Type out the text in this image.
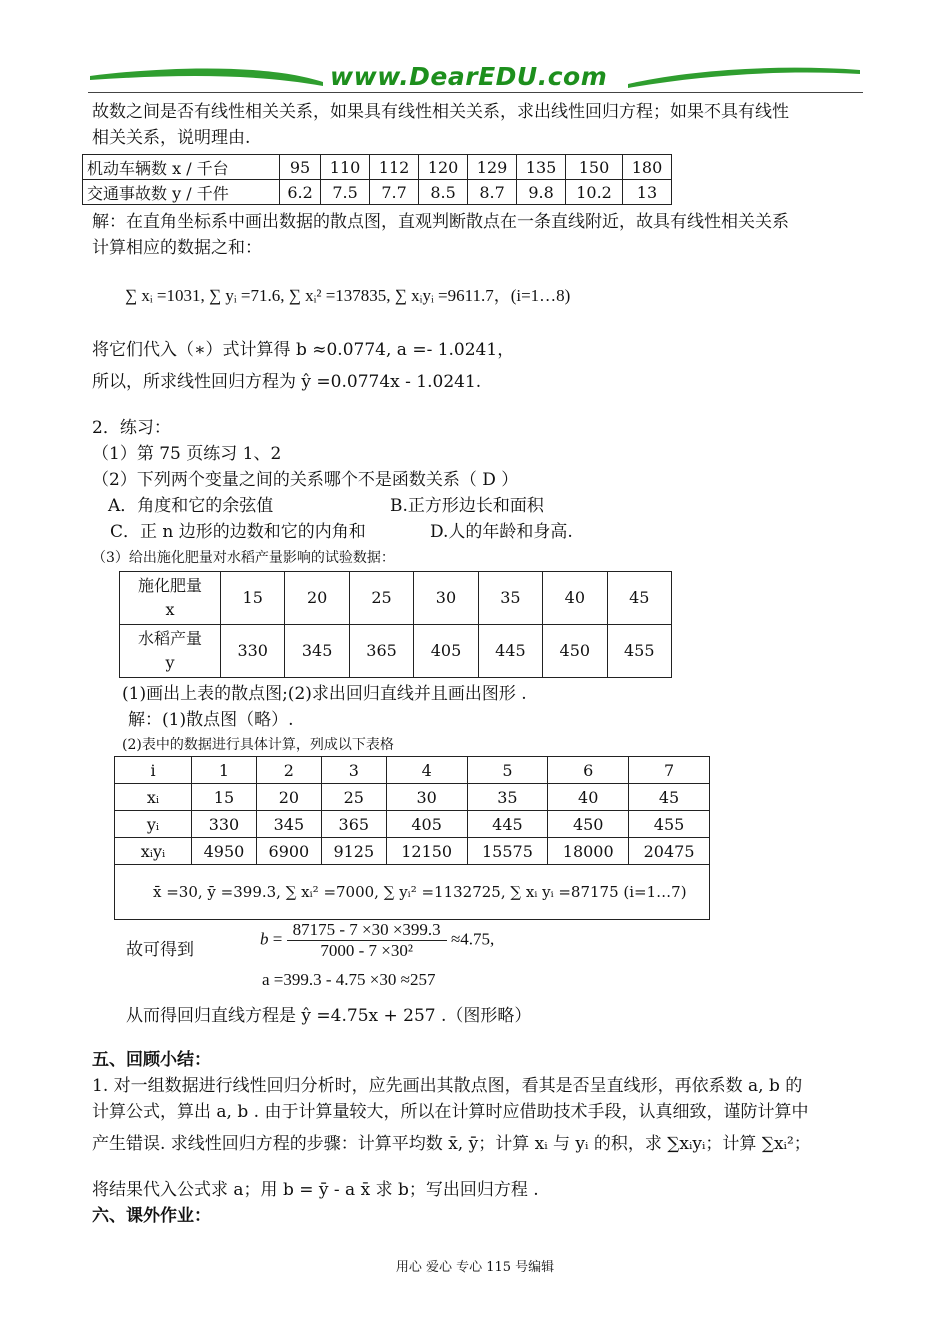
www.DearEDU.com
故数之间是否有线性相关关系，如果具有线性相关关系，求出线性回归方程；如果不具有线性
相关关系，说明理由.
机动车辆数 x / 千台	95	110	112	120	129	135	150	180
交通事故数 y / 千件	6.2	7.5	7.7	8.5	8.7	9.8	10.2	13
解：在直角坐标系中画出数据的散点图，直观判断散点在一条直线附近，故具有线性相关关系
计算相应的数据之和：
∑ xᵢ =1031, ∑ yᵢ =71.6, ∑ xᵢ² =137835, ∑ xᵢyᵢ =9611.7，(i=1…8)
将它们代入（∗）式计算得 b ≈0.0774, a =- 1.0241，
所以，所求线性回归方程为 ŷ =0.0774x - 1.0241.
2．练习：
（1）第 75 页练习 1、2
（2）下列两个变量之间的关系哪个不是函数关系（ D ）
A．角度和它的余弦值	B.正方形边长和面积
C．正 n 边形的边数和它的内角和	D.人的年龄和身高.
（3）给出施化肥量对水稻产量影响的试验数据：
施化肥量
x	15	20	25	30	35	40	45

水稻产量
y	330	345	365	405	445	450	455
(1)画出上表的散点图;(2)求出回归直线并且画出图形 .
解：(1)散点图（略）.
(2)表中的数据进行具体计算，列成以下表格
i	1	2	3	4	5	6	7
xᵢ	15	20	25	30	35	40	45
yᵢ	330	345	365	405	445	450	455
xᵢyᵢ	4950	6900	9125	12150	15575	18000	20475
x̄ =30, ȳ =399.3, ∑ xᵢ² =7000, ∑ yᵢ² =1132725, ∑ xᵢ yᵢ =87175 (i=1…7)							
故可得到
$b = \frac{87175 - 7 \times 30 \times 399.3}{\text{7000 - 7 ×30²}} \approx 4.75$,
a =399.3 - 4.75 ×30 ≈257
从而得回归直线方程是 ŷ =4.75x + 257 .（图形略）
五、回顾小结：
1. 对一组数据进行线性回归分析时，应先画出其散点图，看其是否呈直线形，再依系数 a, b 的
计算公式，算出 a, b . 由于计算量较大，所以在计算时应借助技术手段，认真细致，谨防计算中
产生错误. 求线性回归方程的步骤：计算平均数 x̄, ȳ；计算 xᵢ 与 yᵢ 的积，求 ∑xᵢyᵢ；计算 ∑xᵢ²；
将结果代入公式求 a；用 b = ȳ - a x̄ 求 b；写出回归方程 .
六、课外作业：
用心 爱心 专心 115 号编辑
